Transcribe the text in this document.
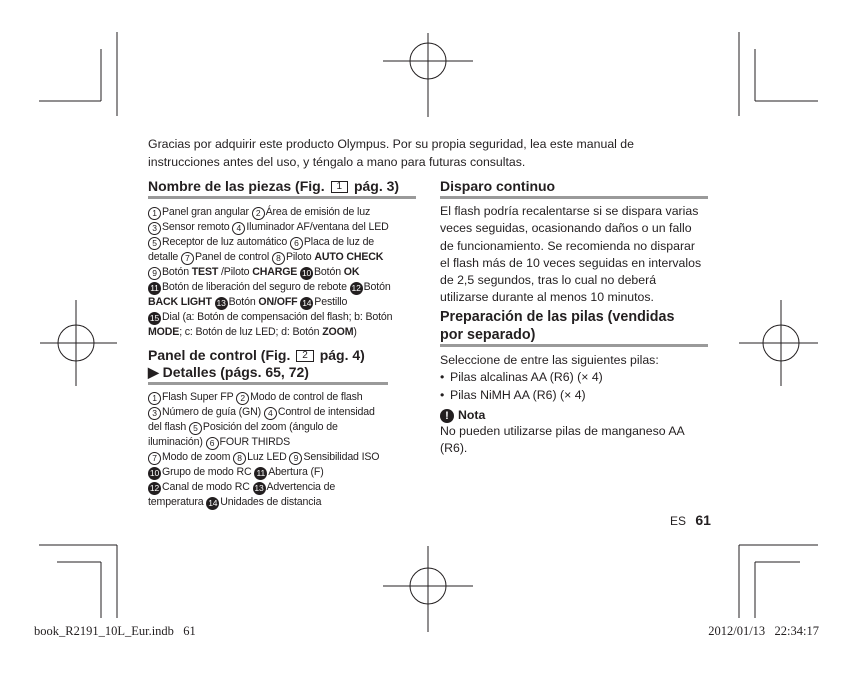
Gracias por adquirir este producto Olympus. Por su propia seguridad, lea este manual de instrucciones antes del uso, y téngalo a mano para futuras consultas.
Nombre de las piezas (Fig. 1 pág. 3)
1 Panel gran angular 2 Área de emisión de luz
3 Sensor remoto 4 Iluminador AF/ventana del LED
5 Receptor de luz automático 6 Placa de luz de
detalle 7 Panel de control 8 Piloto AUTO CHECK
9 Botón TEST /Piloto CHARGE 10 Botón OK
11 Botón de liberación del seguro de rebote 12 Botón
BACK LIGHT 13 Botón ON/OFF 14 Pestillo
15 Dial (a: Botón de compensación del flash; b: Botón
MODE; c: Botón de luz LED; d: Botón ZOOM)
Panel de control (Fig. 2 pág. 4)
▶ Detalles (págs. 65, 72)
1 Flash Super FP 2 Modo de control de flash
3 Número de guía (GN) 4 Control de intensidad
del flash 5 Posición del zoom (ángulo de
iluminación) 6 FOUR THIRDS
7 Modo de zoom 8 Luz LED 9 Sensibilidad ISO
10 Grupo de modo RC 11 Abertura (F)
12 Canal de modo RC 13 Advertencia de
temperatura 14 Unidades de distancia
Disparo continuo
El flash podría recalentarse si se dispara varias veces seguidas, ocasionando daños o un fallo de funcionamiento. Se recomienda no disparar el flash más de 10 veces seguidas en intervalos de 2,5 segundos, tras lo cual no deberá utilizarse durante al menos 10 minutos.
Preparación de las pilas (vendidas
por separado)
Seleccione de entre las siguientes pilas:
• Pilas alcalinas AA (R6) (× 4)
• Pilas NiMH AA (R6) (× 4)
! Nota
No pueden utilizarse pilas de manganeso AA (R6).
ES 61
book_R2191_10L_Eur.indb   61	2012/01/13   22:34:17
